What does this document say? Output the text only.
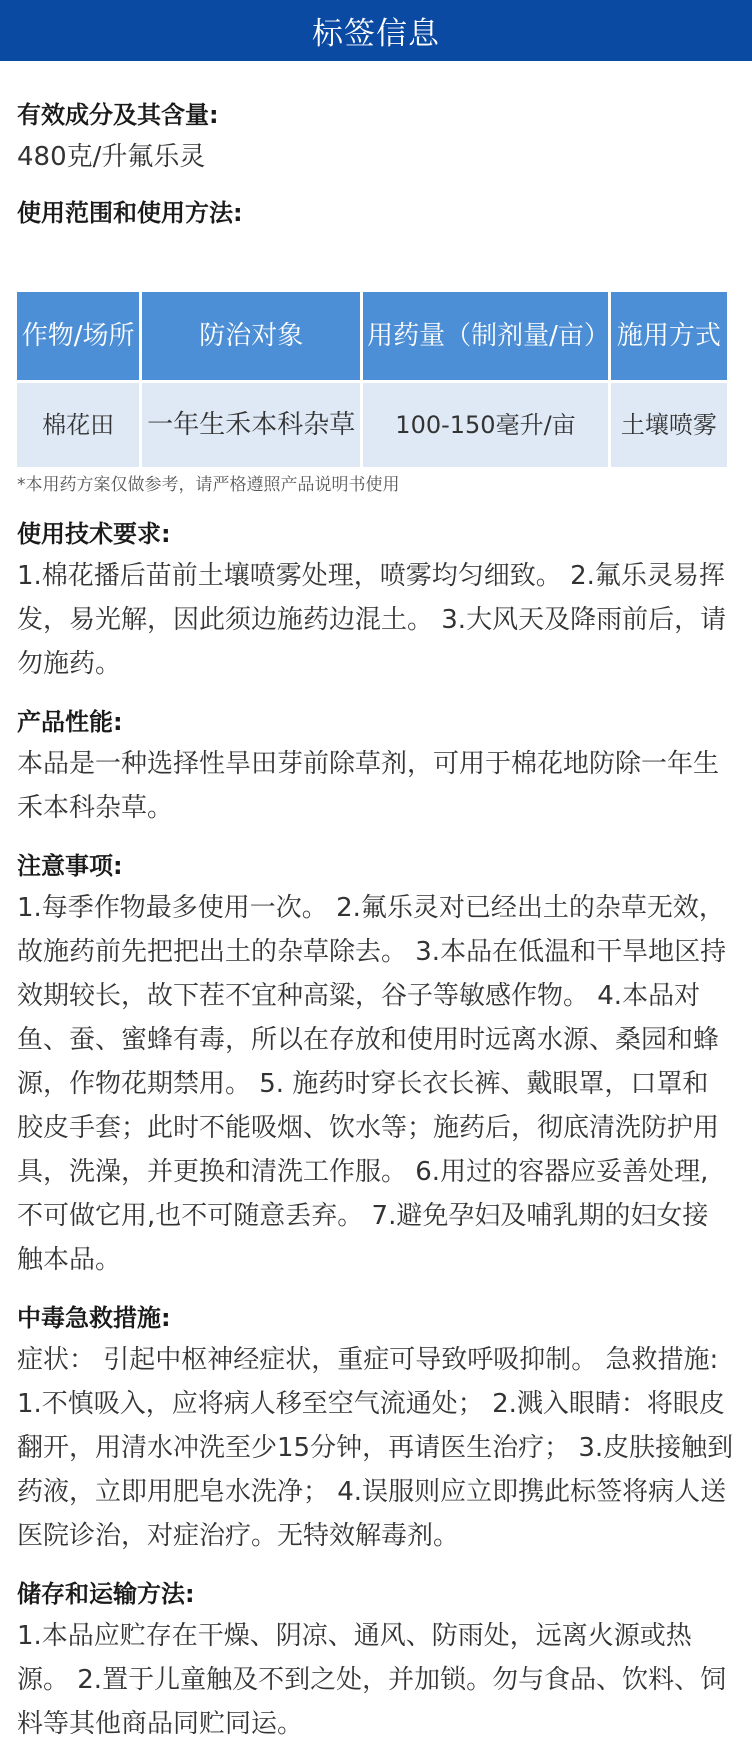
标签信息
有效成分及其含量:
480克/升氟乐灵
使用范围和使用方法:
作物/场所	防治对象	用药量（制剂量/亩）	施用方式
棉花田	一年生禾本科杂草	100-150毫升/亩	土壤喷雾
*本用药方案仅做参考，请严格遵照产品说明书使用
使用技术要求:
1.棉花播后苗前土壤喷雾处理，喷雾均匀细致。 2.氟乐灵易挥发，易光解，因此须边施药边混土。 3.大风天及降雨前后，请勿施药。
产品性能:
本品是一种选择性旱田芽前除草剂，可用于棉花地防除一年生禾本科杂草。
注意事项:
1.每季作物最多使用一次。 2.氟乐灵对已经出土的杂草无效，故施药前先把把出土的杂草除去。 3.本品在低温和干旱地区持效期较长，故下茬不宜种高粱，谷子等敏感作物。 4.本品对鱼、蚕、蜜蜂有毒，所以在存放和使用时远离水源、桑园和蜂源，作物花期禁用。 5. 施药时穿长衣长裤、戴眼罩，口罩和胶皮手套；此时不能吸烟、饮水等；施药后，彻底清洗防护用具，洗澡，并更换和清洗工作服。 6.用过的容器应妥善处理,不可做它用,也不可随意丢弃。 7.避免孕妇及哺乳期的妇女接触本品。
中毒急救措施:
症状： 引起中枢神经症状，重症可导致呼吸抑制。 急救措施: 1.不慎吸入，应将病人移至空气流通处； 2.溅入眼睛：将眼皮翻开，用清水冲洗至少15分钟，再请医生治疗； 3.皮肤接触到药液，立即用肥皂水洗净； 4.误服则应立即携此标签将病人送医院诊治，对症治疗。无特效解毒剂。
储存和运输方法:
1.本品应贮存在干燥、阴凉、通风、防雨处，远离火源或热源。 2.置于儿童触及不到之处，并加锁。勿与食品、饮料、饲料等其他商品同贮同运。
